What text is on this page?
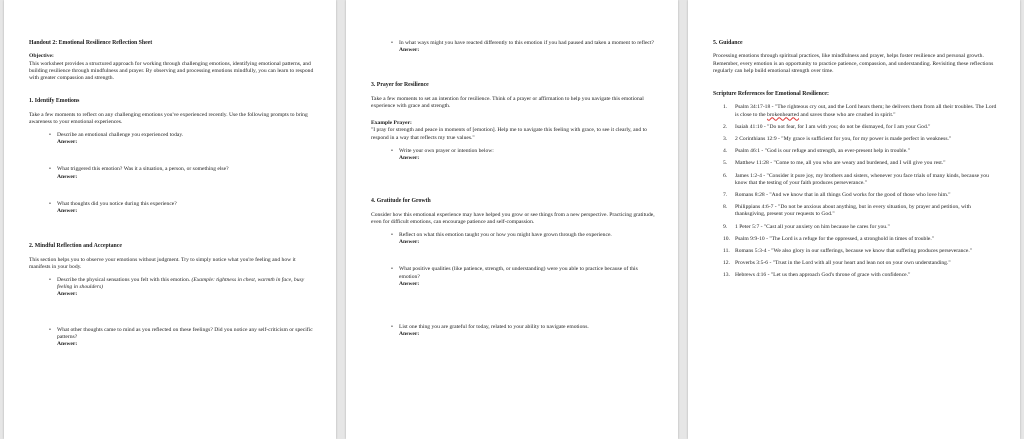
Handout 2: Emotional Resilience Reflection Sheet

Objective:

This worksheet provides a structured approach for working through challenging emotions, identifying emotional patterns, and building resilience through mindfulness and prayer. By observing and processing emotions mindfully, you can learn to respond with greater compassion and strength.

1. Identify Emotions

Take a few moments to reflect on any challenging emotions you've experienced recently. Use the following prompts to bring awareness to your emotional experiences.

• Describe an emotional challenge you experienced today.
Answer:
• What triggered this emotion? Was it a situation, a person, or something else?
Answer:
• What thoughts did you notice during this experience?
Answer:

2. Mindful Reflection and Acceptance

This section helps you to observe your emotions without judgment. Try to simply notice what you're feeling and how it manifests in your body.

• Describe the physical sensations you felt with this emotion. (Example: tightness in chest, warmth in face, busy feeling in shoulders)
Answer:
• What other thoughts came to mind as you reflected on these feelings? Did you notice any self-criticism or specific patterns?
Answer:
• In what ways might you have reacted differently to this emotion if you had paused and taken a moment to reflect?
Answer:

3. Prayer for Resilience

Take a few moments to set an intention for resilience. Think of a prayer or affirmation to help you navigate this emotional experience with grace and strength.

Example Prayer:

"I pray for strength and peace in moments of [emotion]. Help me to navigate this feeling with grace, to see it clearly, and to respond in a way that reflects my true values."

• Write your own prayer or intention below:
Answer:

4. Gratitude for Growth

Consider how this emotional experience may have helped you grow or see things from a new perspective. Practicing gratitude, even for difficult emotions, can encourage patience and self-compassion.

• Reflect on what this emotion taught you or how you might have grown through the experience.
Answer:
• What positive qualities (like patience, strength, or understanding) were you able to practice because of this emotion?
Answer:
• List one thing you are grateful for today, related to your ability to navigate emotions.
Answer:

5. Guidance

Processing emotions through spiritual practices, like mindfulness and prayer, helps foster resilience and personal growth. Remember, every emotion is an opportunity to practice patience, compassion, and understanding. Revisiting these reflections regularly can help build emotional strength over time.

Scripture References for Emotional Resilience:

1. Psalm 34:17-18 - "The righteous cry out, and the Lord hears them; he delivers them from all their troubles. The Lord is close to the brokenhearted and saves those who are crushed in spirit."
2. Isaiah 41:10 - "Do not fear, for I am with you; do not be dismayed, for I am your God."
3. 2 Corinthians 12:9 - "My grace is sufficient for you, for my power is made perfect in weakness."
4. Psalm 46:1 - "God is our refuge and strength, an ever-present help in trouble."
5. Matthew 11:28 - "Come to me, all you who are weary and burdened, and I will give you rest."
6. James 1:2-4 - "Consider it pure joy, my brothers and sisters, whenever you face trials of many kinds, because you know that the testing of your faith produces perseverance."
7. Romans 8:28 - "And we know that in all things God works for the good of those who love him."
8. Philippians 4:6-7 - "Do not be anxious about anything, but in every situation, by prayer and petition, with thanksgiving, present your requests to God."
9. 1 Peter 5:7 - "Cast all your anxiety on him because he cares for you."
10. Psalm 9:9-10 - "The Lord is a refuge for the oppressed, a stronghold in times of trouble."
11. Romans 5:3-4 - "We also glory in our sufferings, because we know that suffering produces perseverance."
12. Proverbs 3:5-6 - "Trust in the Lord with all your heart and lean not on your own understanding."
13. Hebrews 4:16 - "Let us then approach God's throne of grace with confidence."
